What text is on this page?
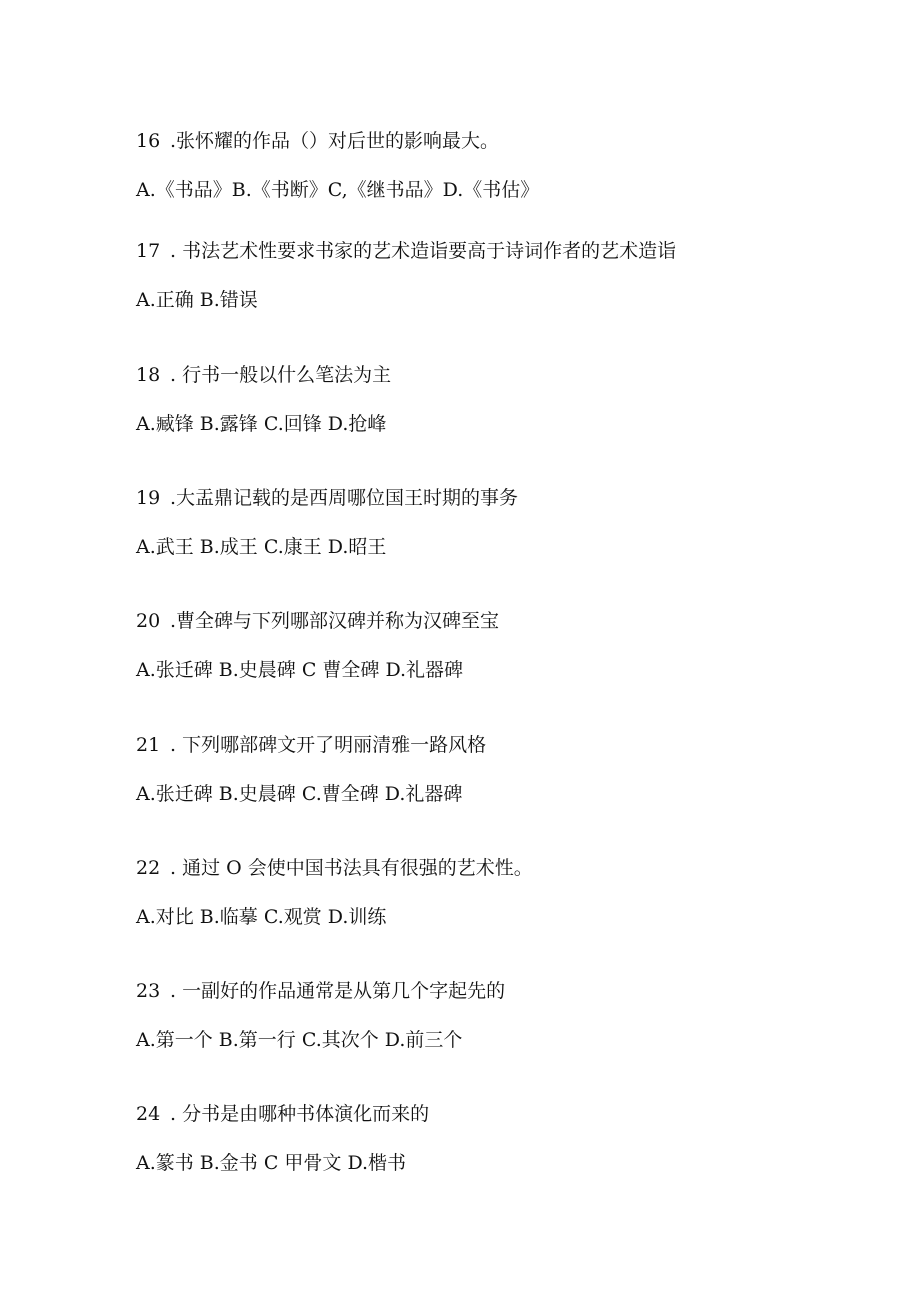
16 .张怀耀的作品（）对后世的影响最大。
A.《书品》B.《书断》C,《继书品》D.《书估》
17 . 书法艺术性要求书家的艺术造诣要高于诗词作者的艺术造诣
A.正确 B.错误
18 . 行书一般以什么笔法为主
A.臧锋 B.露锋 C.回锋 D.抢峰
19 .大盂鼎记载的是西周哪位国王时期的事务
A.武王 B.成王 C.康王 D.昭王
20 .曹全碑与下列哪部汉碑并称为汉碑至宝
A.张迁碑 B.史晨碑 C 曹全碑 D.礼器碑
21 . 下列哪部碑文开了明丽清雅一路风格
A.张迁碑 B.史晨碑 C.曹全碑 D.礼器碑
22 . 通过 O 会使中国书法具有很强的艺术性。
A.对比 B.临摹 C.观赏 D.训练
23 . 一副好的作品通常是从第几个字起先的
A.第一个 B.第一行 C.其次个 D.前三个
24 . 分书是由哪种书体演化而来的
A.篆书 B.金书 C 甲骨文 D.楷书
